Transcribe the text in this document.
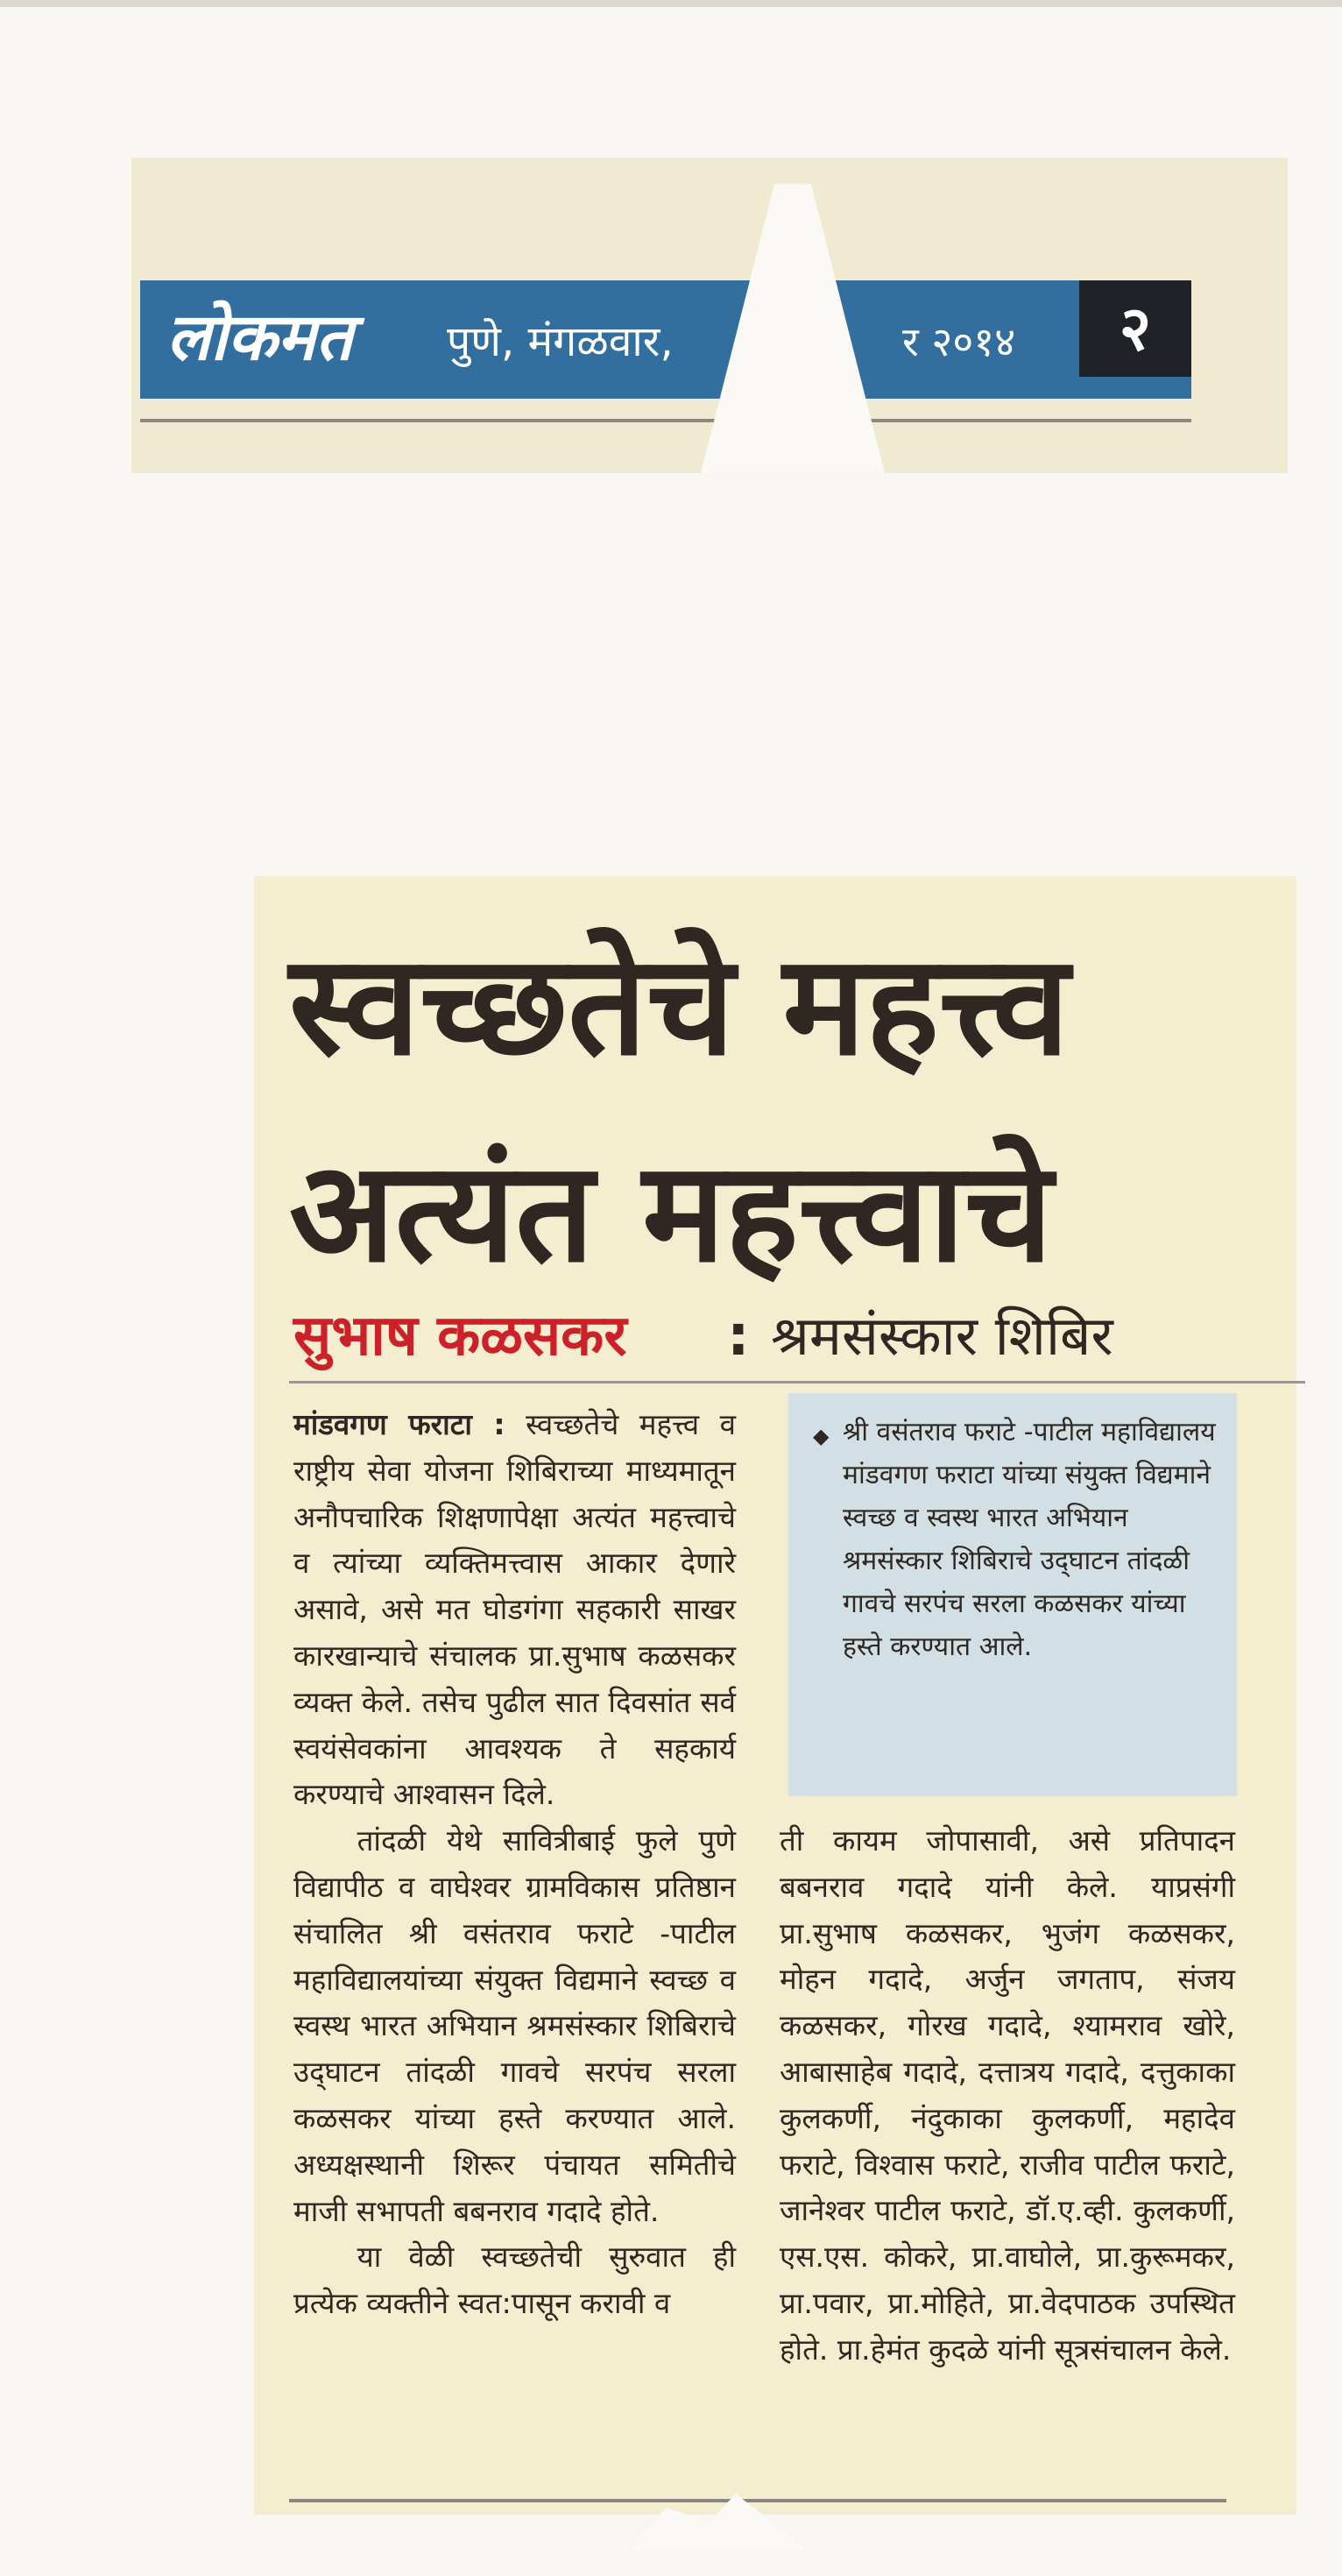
लोकमत	पुणे, मंगळवार,	र २०१४	२
स्वच्छतेचे महत्त्व
अत्यंत महत्त्वाचे
सुभाष कळसकर	: श्रमसंस्कार शिबिर

मांडवगण फराटा : स्वच्छतेचे महत्त्व व राष्ट्रीय सेवा योजना शिबिराच्या माध्यमातून अनौपचारिक शिक्षणापेक्षा अत्यंत महत्त्वाचे व त्यांच्या व्यक्तिमत्त्वास आकार देणारे असावे, असे मत घोडगंगा सहकारी साखर कारखान्याचे संचालक प्रा.सुभाष कळसकर व्यक्त केले. तसेच पुढील सात दिवसांत सर्व स्वयंसेवकांना आवश्यक ते सहकार्य करण्याचे आश्वासन दिले.

तांदळी येथे सावित्रीबाई फुले पुणे विद्यापीठ व वाघेश्वर ग्रामविकास प्रतिष्ठान संचालित श्री वसंतराव फराटे -पाटील महाविद्यालयांच्या संयुक्त विद्यमाने स्वच्छ व स्वस्थ भारत अभियान श्रमसंस्कार शिबिराचे उद्‌घाटन तांदळी गावचे सरपंच सरला कळसकर यांच्या हस्ते करण्यात आले. अध्यक्षस्थानी शिरूर पंचायत समितीचे माजी सभापती बबनराव गदादे होते.

या वेळी स्वच्छतेची सुरुवात ही प्रत्येक व्यक्तीने स्वत:पासून करावी व

◆ श्री वसंतराव फराटे -पाटील महाविद्यालय मांडवगण फराटा यांच्या संयुक्त विद्यमाने स्वच्छ व स्वस्थ भारत अभियान श्रमसंस्कार शिबिराचे उद्‌घाटन तांदळी गावचे सरपंच सरला कळसकर यांच्या हस्ते करण्यात आले.

ती कायम जोपासावी, असे प्रतिपादन बबनराव गदादे यांनी केले. याप्रसंगी प्रा.सुभाष कळसकर, भुजंग कळसकर, मोहन गदादे, अर्जुन जगताप, संजय कळसकर, गोरख गदादे, श्यामराव खोरे, आबासाहेब गदादे, दत्तात्रय गदादे, दत्तुकाका कुलकर्णी, नंदुकाका कुलकर्णी, महादेव फराटे, विश्वास फराटे, राजीव पाटील फराटे, जानेश्वर पाटील फराटे, डॉ.ए.व्ही. कुलकर्णी, एस.एस. कोकरे, प्रा.वाघोले, प्रा.कुरूमकर, प्रा.पवार, प्रा.मोहिते, प्रा.वेदपाठक उपस्थित होते. प्रा.हेमंत कुदळे यांनी सूत्रसंचालन केले.
